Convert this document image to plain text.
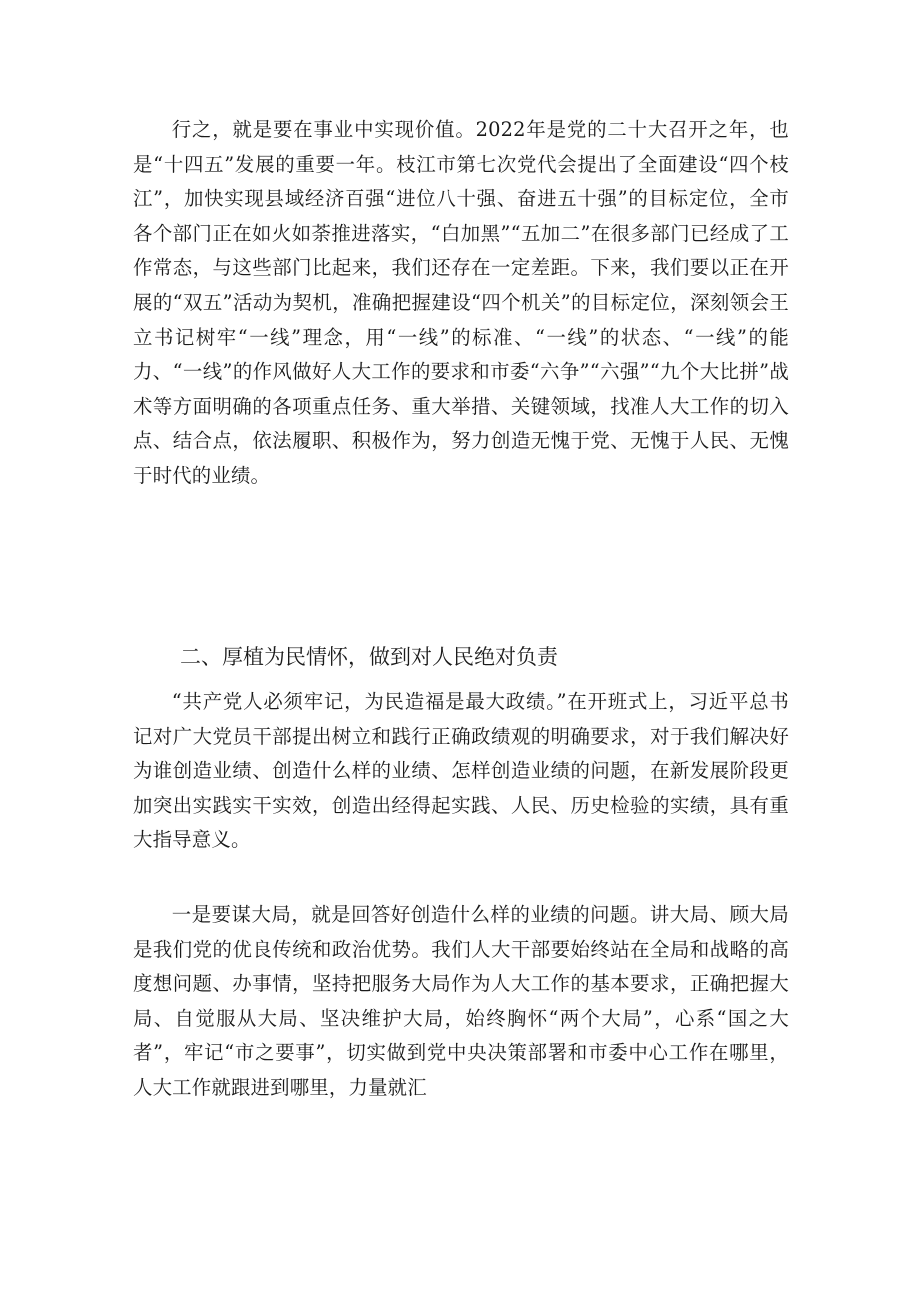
行之，就是要在事业中实现价值。2022年是党的二十大召开之年，也是“十四五”发展的重要一年。枝江市第七次党代会提出了全面建设“四个枝江”，加快实现县域经济百强“进位八十强、奋进五十强”的目标定位，全市各个部门正在如火如荼推进落实，“白加黑”“五加二”在很多部门已经成了工作常态，与这些部门比起来，我们还存在一定差距。下来，我们要以正在开展的“双五”活动为契机，准确把握建设“四个机关”的目标定位，深刻领会王立书记树牢“一线”理念，用“一线”的标准、“一线”的状态、“一线”的能力、“一线”的作风做好人大工作的要求和市委“六争”“六强”“九个大比拼”战术等方面明确的各项重点任务、重大举措、关键领域，找准人大工作的切入点、结合点，依法履职、积极作为，努力创造无愧于党、无愧于人民、无愧于时代的业绩。

二、厚植为民情怀，做到对人民绝对负责

“共产党人必须牢记，为民造福是最大政绩。”在开班式上，习近平总书记对广大党员干部提出树立和践行正确政绩观的明确要求，对于我们解决好为谁创造业绩、创造什么样的业绩、怎样创造业绩的问题，在新发展阶段更加突出实践实干实效，创造出经得起实践、人民、历史检验的实绩，具有重大指导意义。

一是要谋大局，就是回答好创造什么样的业绩的问题。讲大局、顾大局是我们党的优良传统和政治优势。我们人大干部要始终站在全局和战略的高度想问题、办事情，坚持把服务大局作为人大工作的基本要求，正确把握大局、自觉服从大局、坚决维护大局，始终胸怀“两个大局”，心系“国之大者”，牢记“市之要事”，切实做到党中央决策部署和市委中心工作在哪里，人大工作就跟进到哪里，力量就汇
